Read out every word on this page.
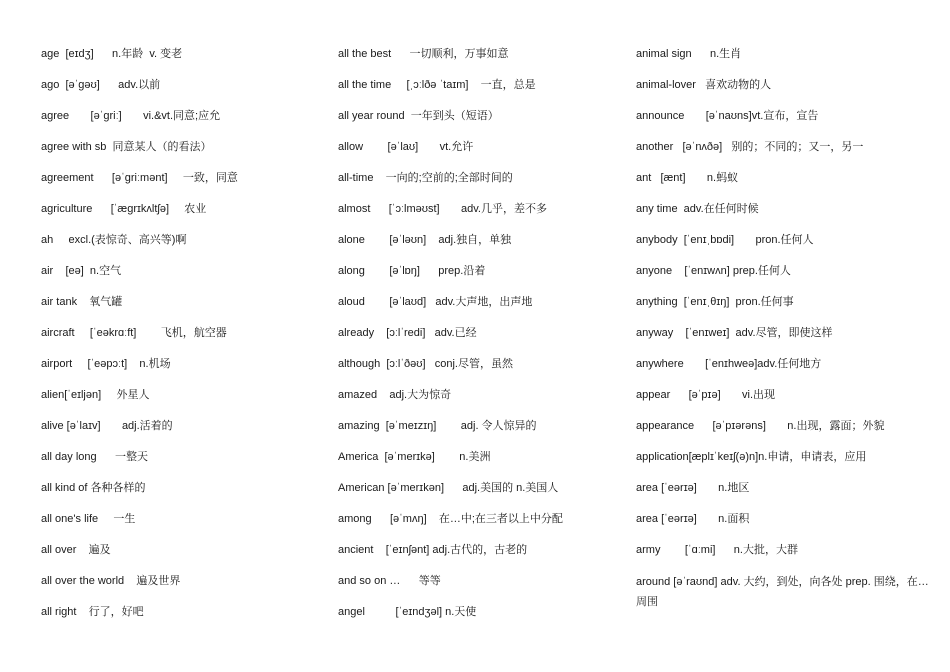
age  [eɪdʒ]      n.年龄  v. 变老
ago  [əˈgəʊ]      adv.以前
agree       [əˈgriː]       vi.&vt.同意;应允
agree with sb  同意某人（的看法）
agreement      [əˈgriːmənt]     一致，同意
agriculture      [ˈægrɪkʌltʃə]     农业
ah     excl.(表惊奇、高兴等)啊
air    [eə]  n.空气
air tank    氧气罐
aircraft     [ˈeəkrɑːft]        飞机，航空器
airport     [ˈeəpɔːt]    n.机场
alien[ˈeɪljən]     外星人
alive [əˈlaɪv]       adj.活着的
all day long      一整天
all kind of 各种各样的
all one's life     一生
all over    遍及
all over the world    遍及世界
all right    行了，好吧
all the best      一切顺利，万事如意
all the time     [ˌɔːlðə ˈtaɪm]    一直，总是
all year round  一年到头（短语）
allow        [əˈlaʊ]       vt.允许
all-time    一向的;空前的;全部时间的
almost      [ˈɔːlməʊst]       adv.几乎，差不多
alone        [əˈləʊn]    adj.独自，单独
along        [əˈlɒŋ]      prep.沿着
aloud        [əˈlaʊd]   adv.大声地，出声地
already    [ɔːlˈredi]   adv.已经
although  [ɔːlˈðəʊ]   conj.尽管，虽然
amazed    adj.大为惊奇
amazing  [əˈmeɪzɪŋ]        adj. 令人惊异的
America  [əˈmerɪkə]        n.美洲
American [əˈmerɪkən]      adj.美国的 n.美国人
among      [əˈmʌŋ]    在…中;在三者以上中分配
ancient    [ˈeɪnʃənt] adj.古代的，古老的
and so on …      等等
angel          [ˈeɪndʒəl] n.天使
animal sign      n.生肖
animal-lover   喜欢动物的人
announce       [əˈnaʊns]vt.宣布，宣告
another   [əˈnʌðə]   别的；不同的；又一，另一
ant   [ænt]       n.蚂蚁
any time  adv.在任何时候
anybody  [ˈenɪˌbɒdi]       pron.任何人
anyone    [ˈenɪwʌn] prep.任何人
anything  [ˈenɪˌθɪŋ]  pron.任何事
anyway    [ˈenɪweɪ]  adv.尽管，即使这样
anywhere       [ˈenɪhweə]adv.任何地方
appear      [əˈpɪə]       vi.出现
appearance      [əˈpɪərəns]       n.出现，露面；外貌
application[æplɪˈkeɪʃ(ə)n]n.申请，申请表，应用
area [ˈeərɪə]       n.地区
area [ˈeərɪə]       n.面积
army        [ˈɑːmi]      n.大批，大群
around [əˈraʊnd] adv. 大约，到处，向各处 prep. 围绕，在…周围
